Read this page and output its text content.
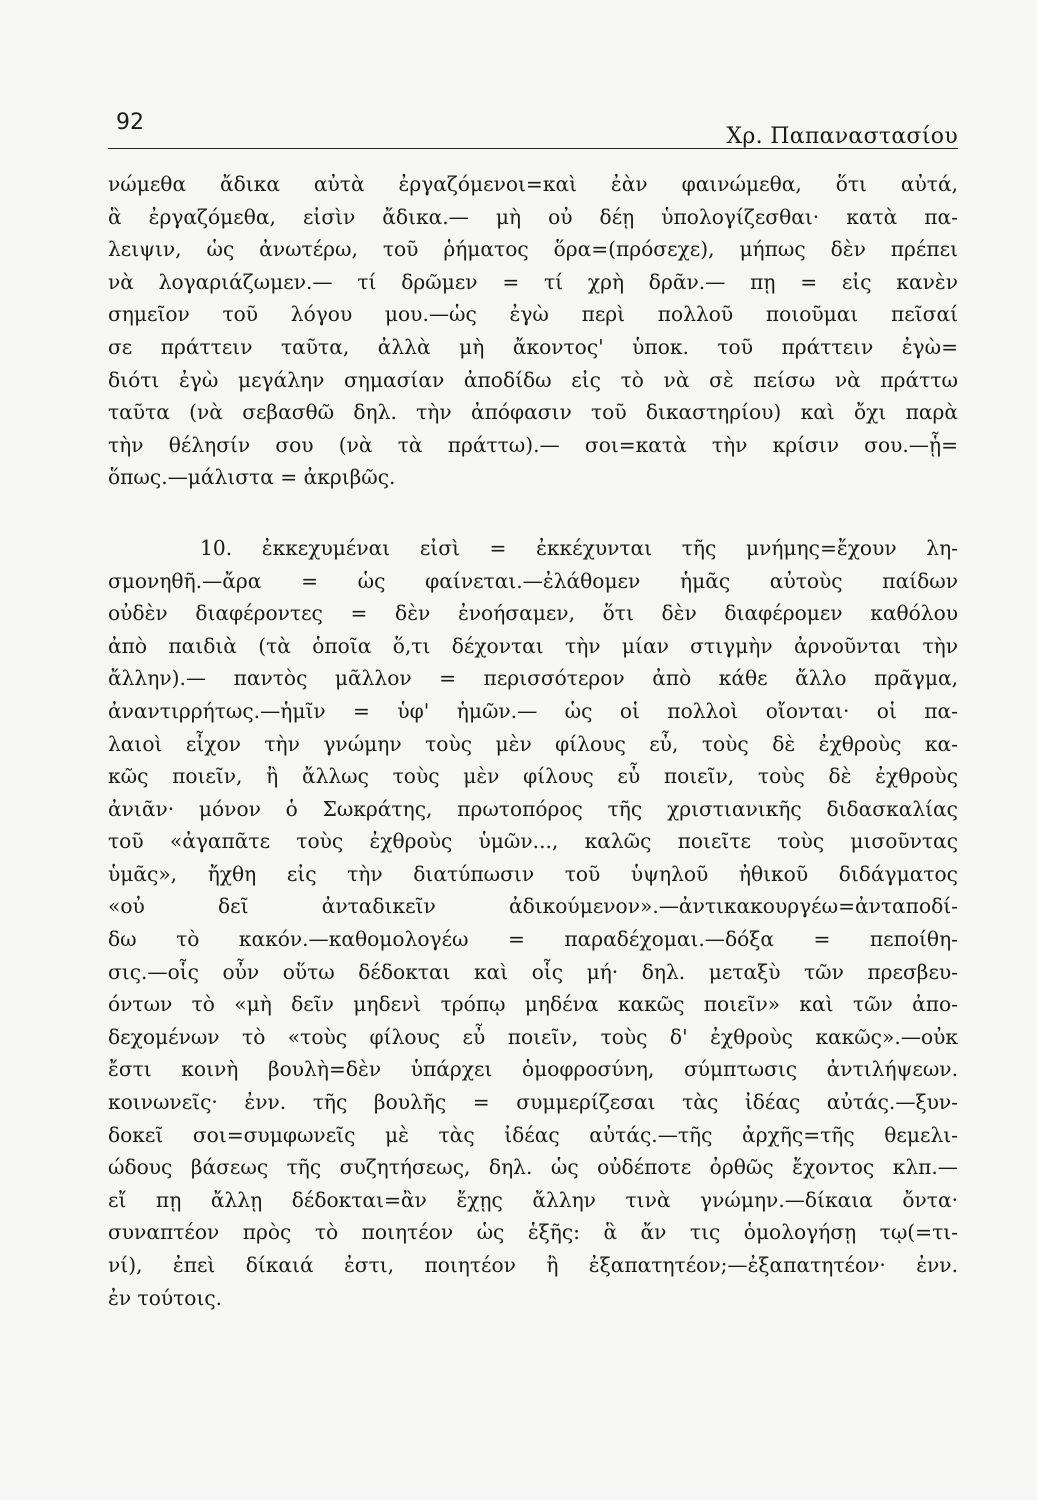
92
Χρ. Παπαναστασίου
νώμεθα ἄδικα αὐτὰ ἐργαζόμενοι=καὶ ἐὰν φαινώμεθα, ὅτι αὐτά,
ἃ ἐργαζόμεθα, εἰσὶν ἄδικα.— μὴ οὐ δέῃ ὑπολογίζεσθαι· κατὰ πα-
λειψιν, ὡς ἀνωτέρω, τοῦ ῥήματος ὅρα=(πρόσεχε), μήπως δὲν πρέπει
νὰ λογαριάζωμεν.— τί δρῶμεν = τί χρὴ δρᾶν.— πῃ = εἰς κανὲν
σημεῖον τοῦ λόγου μου.—ὡς ἐγὼ περὶ πολλοῦ ποιοῦμαι πεῖσαί
σε πράττειν ταῦτα, ἀλλὰ μὴ ἄκοντος' ὑποκ. τοῦ πράττειν ἐγὼ=
διότι ἐγὼ μεγάλην σημασίαν ἀποδίδω εἰς τὸ νὰ σὲ πείσω νὰ πράττω
ταῦτα (νὰ σεβασθῶ δηλ. τὴν ἀπόφασιν τοῦ δικαστηρίου) καὶ ὄχι παρὰ
τὴν θέλησίν σου (νὰ τὰ πράττω).— σοι=κατὰ τὴν κρίσιν σου.—ᾗ=
ὅπως.—μάλιστα = ἀκριβῶς.
10. ἐκκεχυμέναι εἰσὶ = ἐκκέχυνται τῆς μνήμης=ἔχουν λη-
σμονηθῆ.—ἄρα = ὡς φαίνεται.—ἐλάθομεν ἡμᾶς αὐτοὺς παίδων
οὐδὲν διαφέροντες = δὲν ἐνοήσαμεν, ὅτι δὲν διαφέρομεν καθόλου
ἀπὸ παιδιὰ (τὰ ὁποῖα ὅ,τι δέχονται τὴν μίαν στιγμὴν ἀρνοῦνται τὴν
ἄλλην).— παντὸς μᾶλλον = περισσότερον ἀπὸ κάθε ἄλλο πρᾶγμα,
ἀναντιρρήτως.—ἡμῖν = ὑφ' ἡμῶν.— ὡς οἱ πολλοὶ οἴονται· οἱ πα-
λαιοὶ εἶχον τὴν γνώμην τοὺς μὲν φίλους εὖ, τοὺς δὲ ἐχθροὺς κα-
κῶς ποιεῖν, ἢ ἄλλως τοὺς μὲν φίλους εὖ ποιεῖν, τοὺς δὲ ἐχθροὺς
ἀνιᾶν· μόνον ὁ Σωκράτης, πρωτοπόρος τῆς χριστιανικῆς διδασκαλίας
τοῦ «ἀγαπᾶτε τοὺς ἐχθροὺς ὑμῶν..., καλῶς ποιεῖτε τοὺς μισοῦντας
ὑμᾶς», ἤχθη εἰς τὴν διατύπωσιν τοῦ ὑψηλοῦ ἠθικοῦ διδάγματος
«οὐ δεῖ ἀνταδικεῖν ἀδικούμενον».—ἀντικακουργέω=ἀνταποδί-
δω τὸ κακόν.—καθομολογέω = παραδέχομαι.—δόξα = πεποίθη-
σις.—οἷς οὖν οὕτω δέδοκται καὶ οἷς μή· δηλ. μεταξὺ τῶν πρεσβευ-
όντων τὸ «μὴ δεῖν μηδενὶ τρόπῳ μηδένα κακῶς ποιεῖν» καὶ τῶν ἀπο-
δεχομένων τὸ «τοὺς φίλους εὖ ποιεῖν, τοὺς δ' ἐχθροὺς κακῶς».—οὐκ
ἔστι κοινὴ βουλὴ=δὲν ὑπάρχει ὁμοφροσύνη, σύμπτωσις ἀντιλήψεων.
κοινωνεῖς· ἐνν. τῆς βουλῆς = συμμερίζεσαι τὰς ἰδέας αὐτάς.—ξυν-
δοκεῖ σοι=συμφωνεῖς μὲ τὰς ἰδέας αὐτάς.—τῆς ἀρχῆς=τῆς θεμελι-
ώδους βάσεως τῆς συζητήσεως, δηλ. ὡς οὐδέποτε ὀρθῶς ἔχοντος κλπ.—
εἴ πῃ ἄλλῃ δέδοκται=ἂν ἔχῃς ἄλλην τινὰ γνώμην.—δίκαια ὄντα·
συναπτέον πρὸς τὸ ποιητέον ὡς ἑξῆς: ἃ ἄν τις ὁμολογήσῃ τῳ(=τι-
νί), ἐπεὶ δίκαιά ἐστι, ποιητέον ἢ ἐξαπατητέον;—ἐξαπατητέον· ἐνν.
ἐν τούτοις.
